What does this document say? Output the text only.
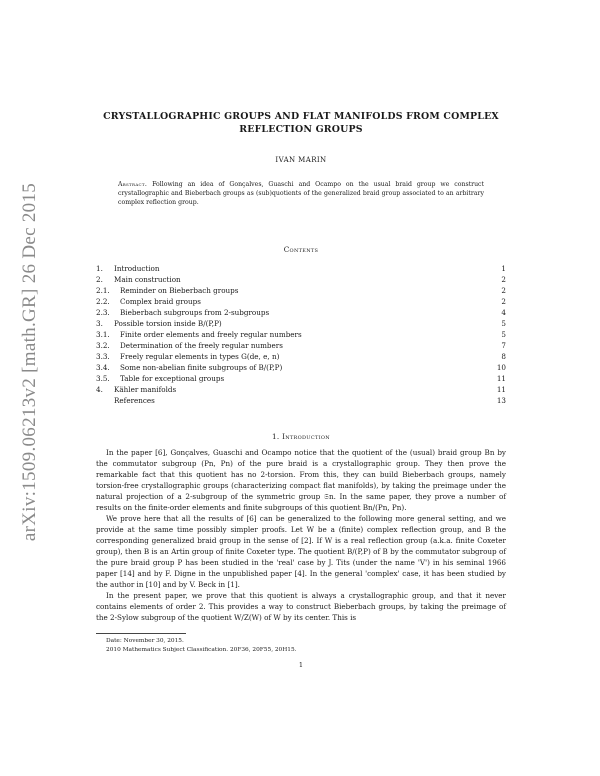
arXiv:1509.06213v2 [math.GR] 26 Dec 2015
CRYSTALLOGRAPHIC GROUPS AND FLAT MANIFOLDS FROM COMPLEX REFLECTION GROUPS
IVAN MARIN
Abstract. Following an idea of Gonçalves, Guaschi and Ocampo on the usual braid group we construct crystallographic and Bieberbach groups as (sub)quotients of the generalized braid group associated to an arbitrary complex reflection group.
Contents
1.	Introduction	1
2.	Main construction	2
2.1.	Reminder on Bieberbach groups	2
2.2.	Complex braid groups	2
2.3.	Bieberbach subgroups from 2-subgroups	4
3.	Possible torsion inside B/(P,P)	5
3.1.	Finite order elements and freely regular numbers	5
3.2.	Determination of the freely regular numbers	7
3.3.	Freely regular elements in types G(de, e, n)	8
3.4.	Some non-abelian finite subgroups of B/(P,P)	10
3.5.	Table for exceptional groups	11
4.	Kähler manifolds	11
References	13
1. Introduction

In the paper [6], Gonçalves, Guaschi and Ocampo notice that the quotient of the (usual) braid group Bn by the commutator subgroup (Pn, Pn) of the pure braid is a crystallographic group. They then prove the remarkable fact that this quotient has no 2-torsion. From this, they can build Bieberbach groups, namely torsion-free crystallographic groups (characterizing compact flat manifolds), by taking the preimage under the natural projection of a 2-subgroup of the symmetric group 𝔖n. In the same paper, they prove a number of results on the finite-order elements and finite subgroups of this quotient Bn/(Pn, Pn).

We prove here that all the results of [6] can be generalized to the following more general setting, and we provide at the same time possibly simpler proofs. Let W be a (finite) complex reflection group, and B the corresponding generalized braid group in the sense of [2]. If W is a real reflection group (a.k.a. finite Coxeter group), then B is an Artin group of finite Coxeter type. The quotient B/(P,P) of B by the commutator subgroup of the pure braid group P has been studied in the 'real' case by J. Tits (under the name 'V') in his seminal 1966 paper [14] and by F. Digne in the unpublished paper [4]. In the general 'complex' case, it has been studied by the author in [10] and by V. Beck in [1].

In the present paper, we prove that this quotient is always a crystallographic group, and that it never contains elements of order 2. This provides a way to construct Bieberbach groups, by taking the preimage of the 2-Sylow subgroup of the quotient W/Z(W) of W by its center. This is

Date: November 30, 2015.
2010 Mathematics Subject Classification. 20F36, 20F55, 20H15.
1
